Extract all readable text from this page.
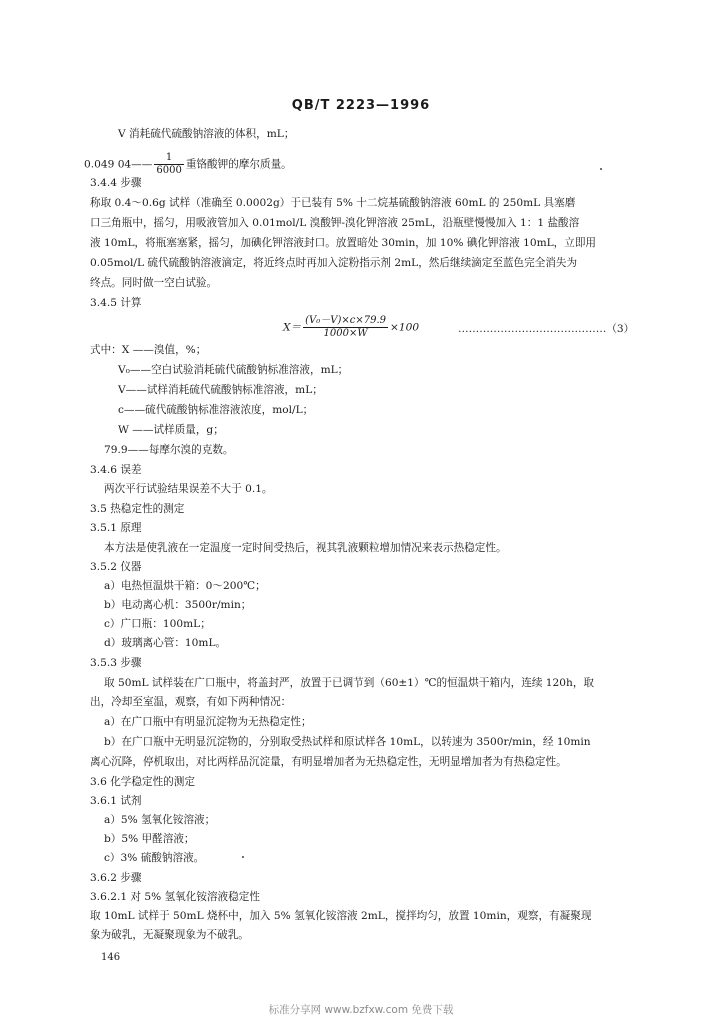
QB/T 2223—1996
V 消耗硫代硫酸钠溶液的体积，mL；
0.049 04—— $\frac{1}{6000}$ 重铬酸钾的摩尔质量。
3.4.4 步骤
称取 0.4～0.6g 试样（准确至 0.0002g）于已装有 5% 十二烷基硫酸钠溶液 60mL 的 250mL 具塞磨
口三角瓶中，摇匀，用吸液管加入 0.01mol/L 溴酸钾-溴化钾溶液 25mL，沿瓶壁慢慢加入 1：1 盐酸溶
液 10mL，将瓶塞塞紧，摇匀，加碘化钾溶液封口。放置暗处 30min，加 10% 碘化钾溶液 10mL，立即用
0.05mol/L 硫代硫酸钠溶液滴定，将近终点时再加入淀粉指示剂 2mL，然后继续滴定至蓝色完全消失为
终点。同时做一空白试验。
3.4.5 计算
$X= \frac{\text{(V₀－V)×c×79.9}}{1000\times W} \times 100$	……………………………………（3）
式中：X ——溴值，%；
V₀——空白试验消耗硫代硫酸钠标准溶液，mL；
V——试样消耗硫代硫酸钠标准溶液，mL；
c——硫代硫酸钠标准溶液浓度，mol/L；
W ——试样质量，g；
79.9——每摩尔溴的克数。
3.4.6 误差
两次平行试验结果误差不大于 0.1。
3.5 热稳定性的测定
3.5.1 原理
本方法是使乳液在一定温度一定时间受热后，视其乳液颗粒增加情况来表示热稳定性。
3.5.2 仪器
a）电热恒温烘干箱：0～200℃；
b）电动离心机：3500r/min；
c）广口瓶：100mL；
d）玻璃离心管：10mL。
3.5.3 步骤
取 50mL 试样装在广口瓶中，将盖封严，放置于已调节到（60±1）℃的恒温烘干箱内，连续 120h，取
出，冷却至室温，观察，有如下两种情况：
a）在广口瓶中有明显沉淀物为无热稳定性；
b）在广口瓶中无明显沉淀物的，分别取受热试样和原试样各 10mL，以转速为 3500r/min，经 10min
离心沉降，停机取出，对比两样品沉淀量，有明显增加者为无热稳定性，无明显增加者为有热稳定性。
3.6 化学稳定性的测定
3.6.1 试剂
a）5% 氢氧化铵溶液；
b）5% 甲醛溶液；
c）3% 硫酸钠溶液。
3.6.2 步骤
3.6.2.1 对 5% 氢氧化铵溶液稳定性
取 10mL 试样于 50mL 烧杯中，加入 5% 氢氧化铵溶液 2mL，搅拌均匀，放置 10min，观察，有凝聚现
象为破乳，无凝聚现象为不破乳。
146
标准分享网 www.bzfxw.com 免费下载
